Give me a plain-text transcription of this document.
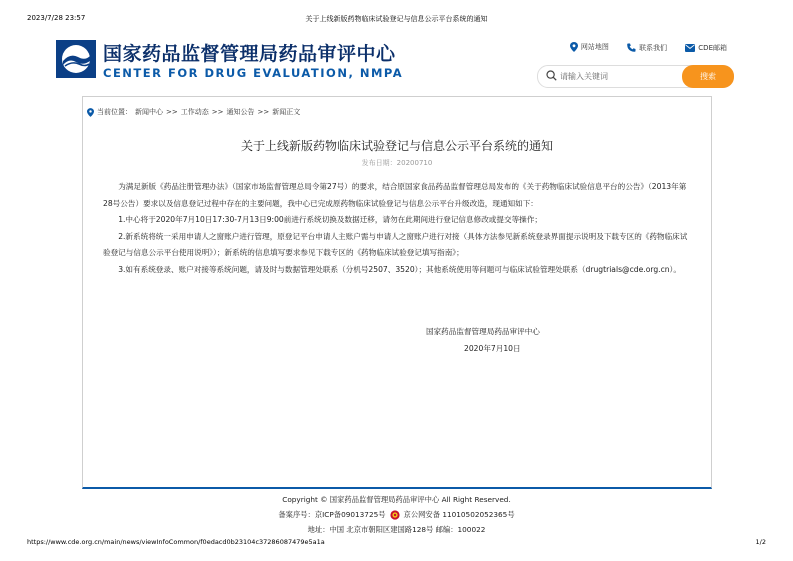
2023/7/28 23:57	关于上线新版药物临床试验登记与信息公示平台系统的通知
国家药品监督管理局药品审评中心
CENTER FOR DRUG EVALUATION, NMPA
网站地图
	联系我们
	CDE邮箱
请输入关键词
搜索
当前位置： 新闻中心 >> 工作动态 >> 通知公告 >> 新闻正文
关于上线新版药物临床试验登记与信息公示平台系统的通知
发布日期：20200710

为满足新版《药品注册管理办法》（国家市场监督管理总局令第27号）的要求，结合原国家食品药品监督管理总局发布的《关于药物临床试验信息平台的公告》（2013年第28号公告）要求以及信息登记过程中存在的主要问题，我中心已完成原药物临床试验登记与信息公示平台升级改造，现通知如下：

1.中心将于2020年7月10日17:30-7月13日9:00前进行系统切换及数据迁移，请勿在此期间进行登记信息修改或提交等操作；

2.新系统将统一采用申请人之窗账户进行管理，原登记平台申请人主账户需与申请人之窗账户进行对接（具体方法参见新系统登录界面提示说明及下载专区的《药物临床试验登记与信息公示平台使用说明》）；新系统的信息填写要求参见下载专区的《药物临床试验登记填写指南》；

3.如有系统登录、账户对接等系统问题，请及时与数据管理处联系（分机号2507、3520）；其他系统使用等问题可与临床试验管理处联系（drugtrials@cde.org.cn）。

国家药品监督管理局药品审评中心
2020年7月10日
Copyright © 国家药品监督管理局药品审评中心 All Right Reserved.
备案序号：京ICP备09013725号 京公网安备 11010502052365号
地址：中国 北京市朝阳区建国路128号 邮编：100022
https://www.cde.org.cn/main/news/viewInfoCommon/f0edacd0b23104c37286087479e5a1a	1/2
